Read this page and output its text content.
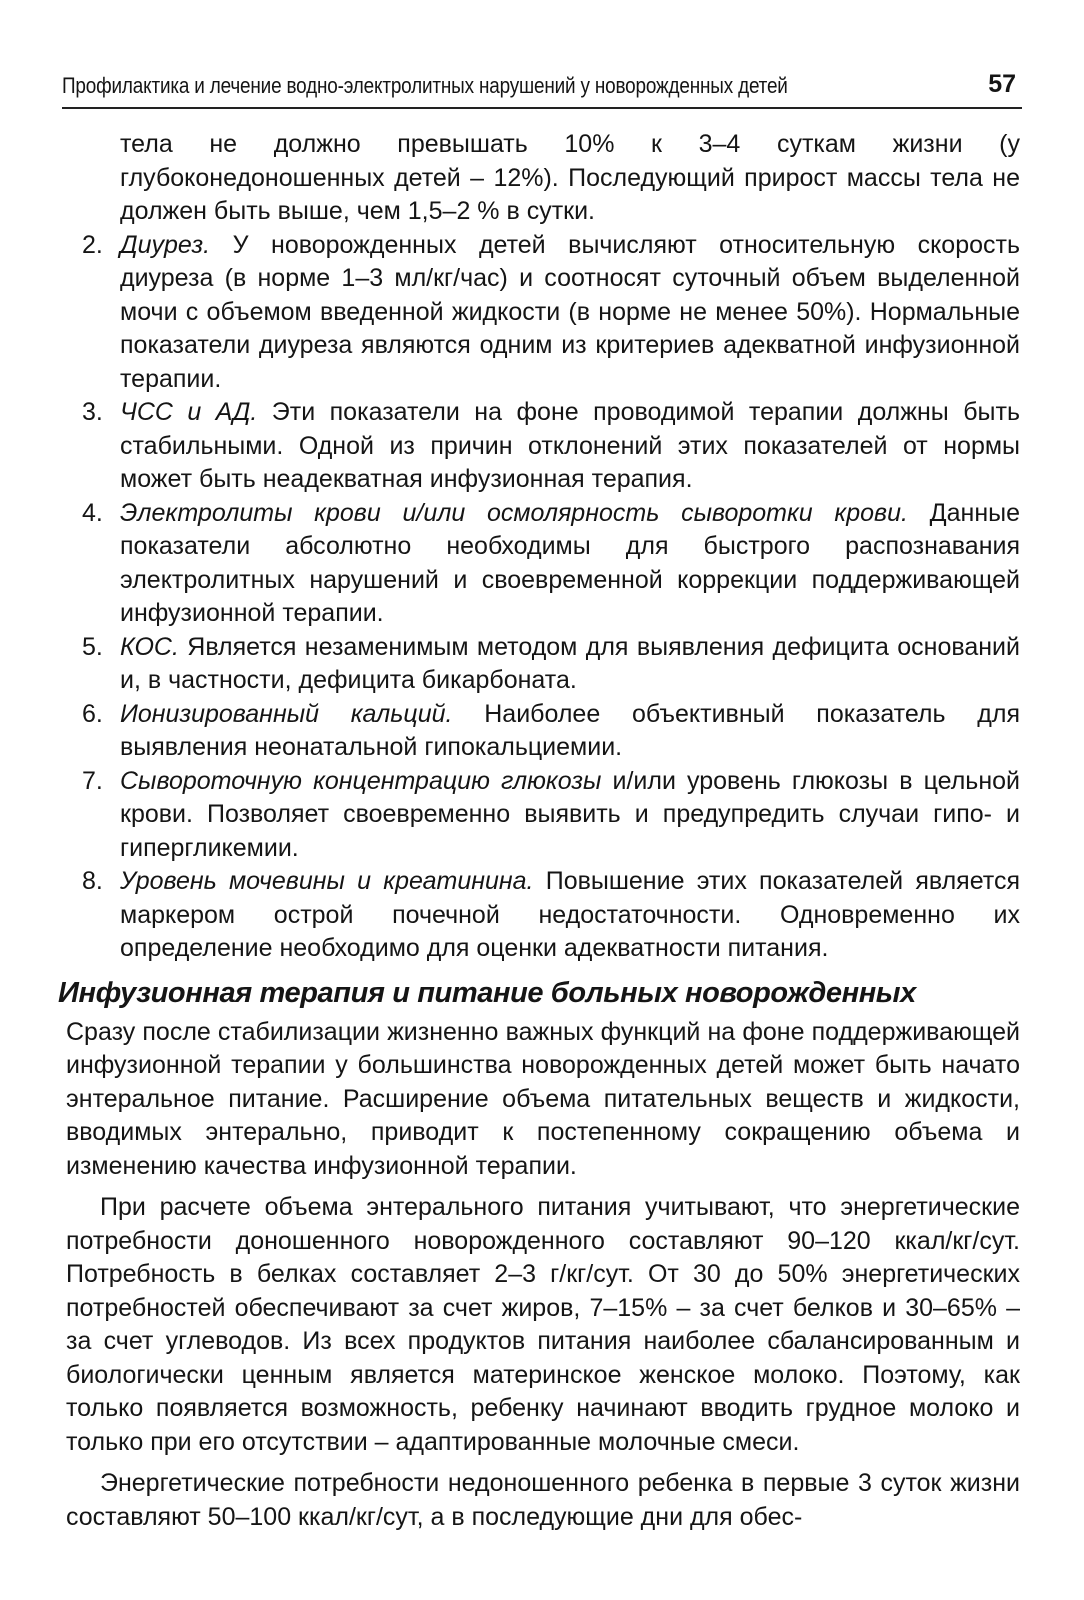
Профилактика и лечение водно-электролитных нарушений у новорожденных детей	57

тела не должно превышать 10% к 3–4 суткам жизни (у глубоконедоношенных детей – 12%). Последующий прирост массы тела не должен быть выше, чем 1,5–2 % в сутки.

2. Диурез. У новорожденных детей вычисляют относительную скорость диуреза (в норме 1–3 мл/кг/час) и соотносят суточный объем выделенной мочи с объемом введенной жидкости (в норме не менее 50%). Нормальные показатели диуреза являются одним из критериев адекватной инфузионной терапии.
3. ЧСС и АД. Эти показатели на фоне проводимой терапии должны быть стабильными. Одной из причин отклонений этих показателей от нормы может быть неадекватная инфузионная терапия.
4. Электролиты крови и/или осмолярность сыворотки крови. Данные показатели абсолютно необходимы для быстрого распознавания электролитных нарушений и своевременной коррекции поддерживающей инфузионной терапии.
5. КОС. Является незаменимым методом для выявления дефицита оснований и, в частности, дефицита бикарбоната.
6. Ионизированный кальций. Наиболее объективный показатель для выявления неонатальной гипокальциемии.
7. Сывороточную концентрацию глюкозы и/или уровень глюкозы в цельной крови. Позволяет своевременно выявить и предупредить случаи гипо- и гипергликемии.
8. Уровень мочевины и креатинина. Повышение этих показателей является маркером острой почечной недостаточности. Одновременно их определение необходимо для оценки адекватности питания.
Инфузионная терапия и питание больных новорожденных

Сразу после стабилизации жизненно важных функций на фоне поддерживающей инфузионной терапии у большинства новорожденных детей может быть начато энтеральное питание. Расширение объема питательных веществ и жидкости, вводимых энтерально, приводит к постепенному сокращению объема и изменению качества инфузионной терапии.

При расчете объема энтерального питания учитывают, что энергетические потребности доношенного новорожденного составляют 90–120 ккал/кг/сут. Потребность в белках составляет 2–3 г/кг/сут. От 30 до 50% энергетических потребностей обеспечивают за счет жиров, 7–15% – за счет белков и 30–65% – за счет углеводов. Из всех продуктов питания наиболее сбалансированным и биологически ценным является материнское женское молоко. Поэтому, как только появляется возможность, ребенку начинают вводить грудное молоко и только при его отсутствии – адаптированные молочные смеси.

Энергетические потребности недоношенного ребенка в первые 3 суток жизни составляют 50–100 ккал/кг/сут, а в последующие дни для обес-
